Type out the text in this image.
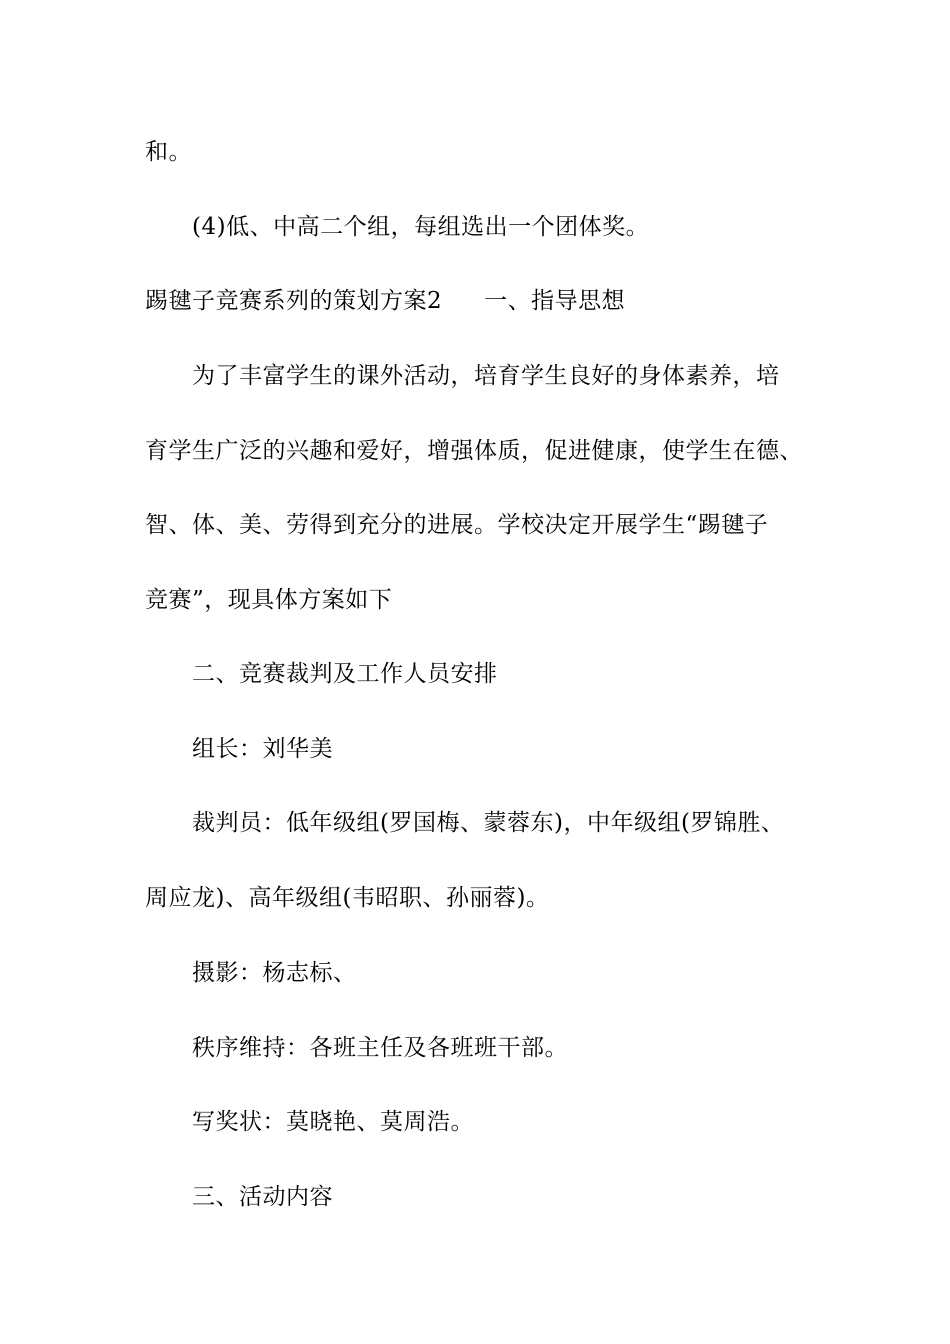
和。
(4)低、中高二个组，每组选出一个团体奖。
踢毽子竞赛系列的策划方案2 一、指导思想
为了丰富学生的课外活动，培育学生良好的身体素养，培
育学生广泛的兴趣和爱好，增强体质，促进健康，使学生在德、
智、体、美、劳得到充分的进展。学校决定开展学生“踢毽子
竞赛”，现具体方案如下
二、竞赛裁判及工作人员安排
组长：刘华美
裁判员：低年级组(罗国梅、蒙蓉东)，中年级组(罗锦胜、
周应龙)、高年级组(韦昭职、孙丽蓉)。
摄影：杨志标、
秩序维持：各班主任及各班班干部。
写奖状：莫晓艳、莫周浩。
三、活动内容
